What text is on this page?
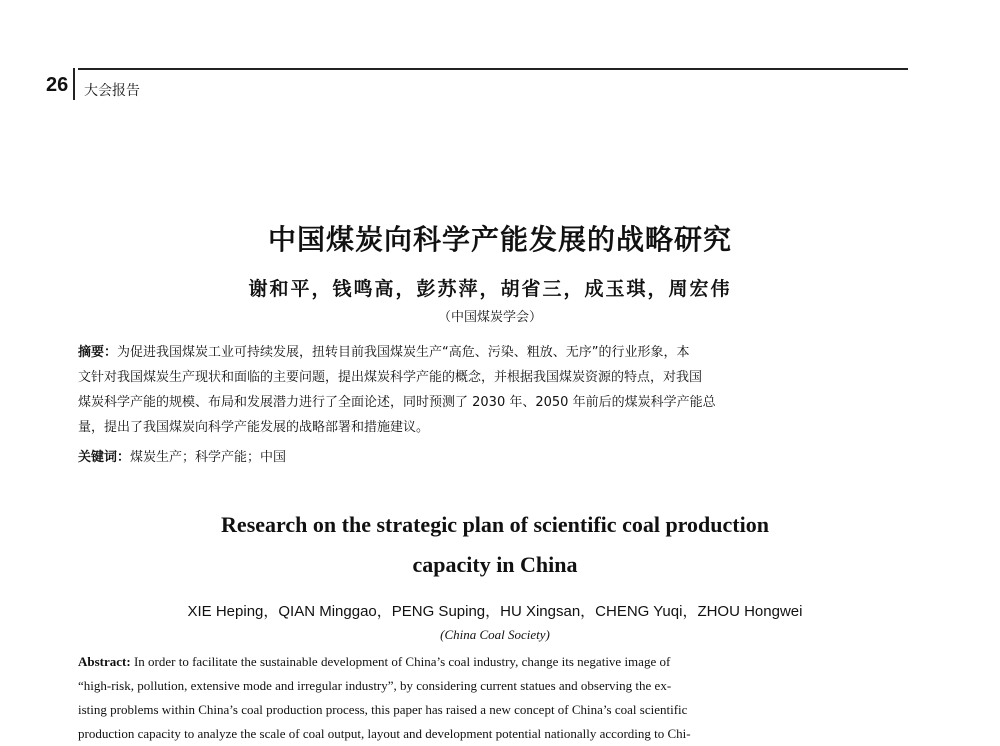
26 大会报告
中国煤炭向科学产能发展的战略研究
谢和平，钱鸣高，彭苏萍，胡省三，成玉琪，周宏伟
（中国煤炭学会）
摘要：为促进我国煤炭工业可持续发展，扭转目前我国煤炭生产“高危、污染、粗放、无序”的行业形象，本
文针对我国煤炭生产现状和面临的主要问题，提出煤炭科学产能的概念，并根据我国煤炭资源的特点，对我国
煤炭科学产能的规模、布局和发展潜力进行了全面论述，同时预测了 2030 年、2050 年前后的煤炭科学产能总
量，提出了我国煤炭向科学产能发展的战略部署和措施建议。
关键词：煤炭生产；科学产能；中国
Research on the strategic plan of scientific coal production
capacity in China
XIE Heping，QIAN Minggao，PENG Suping，HU Xingsan，CHENG Yuqi，ZHOU Hongwei
(China Coal Society)
Abstract: In order to facilitate the sustainable development of China’s coal industry, change its negative image of
“high-risk, pollution, extensive mode and irregular industry”, by considering current statues and observing the ex-
isting problems within China’s coal production process, this paper has raised a new concept of China’s coal scientific
production capacity to analyze the scale of coal output, layout and development potential nationally according to Chi-
